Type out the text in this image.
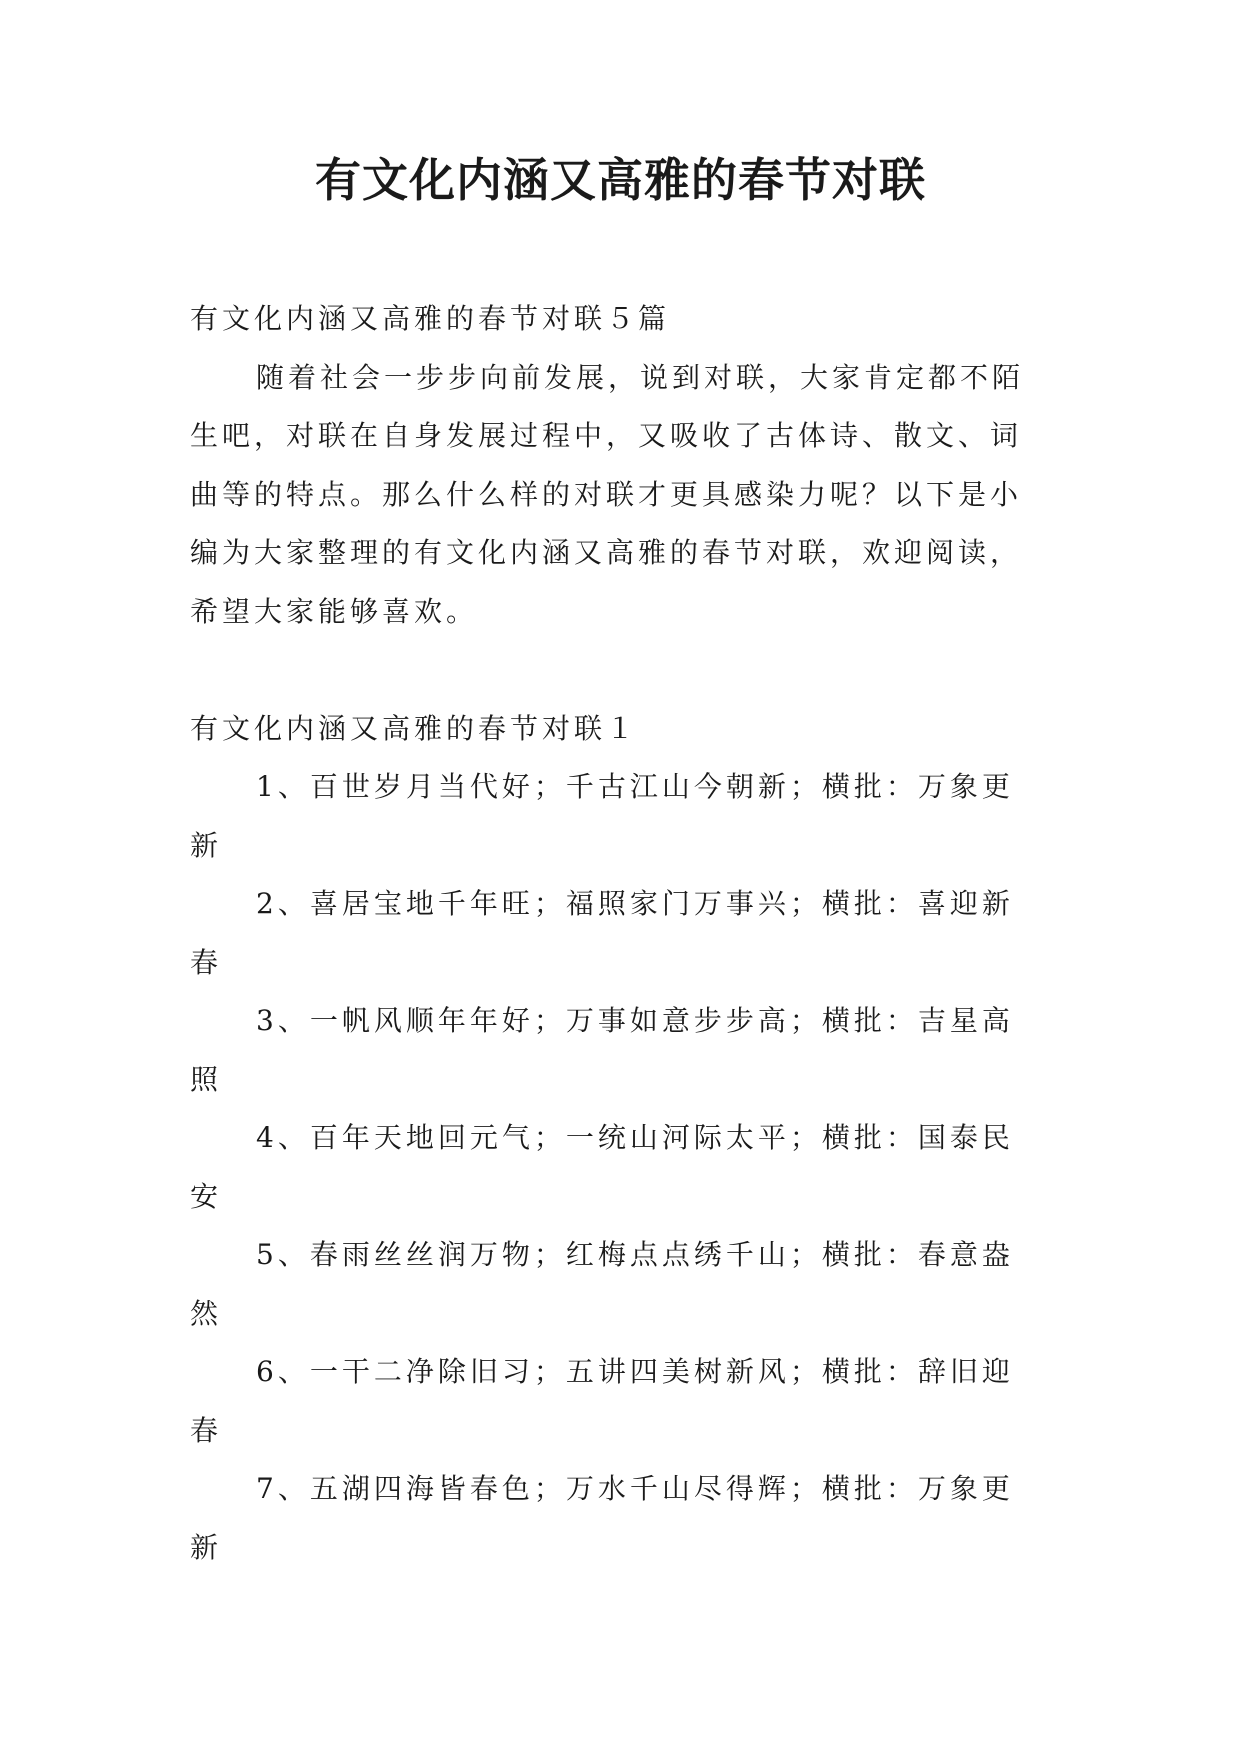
有文化内涵又高雅的春节对联
有文化内涵又高雅的春节对联５篇
随着社会一步步向前发展，说到对联，大家肯定都不陌
生吧，对联在自身发展过程中，又吸收了古体诗、散文、词
曲等的特点。那么什么样的对联才更具感染力呢？以下是小
编为大家整理的有文化内涵又高雅的春节对联，欢迎阅读，
希望大家能够喜欢。
有文化内涵又高雅的春节对联１
1、百世岁月当代好；千古江山今朝新；横批：万象更
新
2、喜居宝地千年旺；福照家门万事兴；横批：喜迎新
春
3、一帆风顺年年好；万事如意步步高；横批：吉星高
照
4、百年天地回元气；一统山河际太平；横批：国泰民
安
5、春雨丝丝润万物；红梅点点绣千山；横批：春意盎
然
6、一干二净除旧习；五讲四美树新风；横批：辞旧迎
春
7、五湖四海皆春色；万水千山尽得辉；横批：万象更
新
